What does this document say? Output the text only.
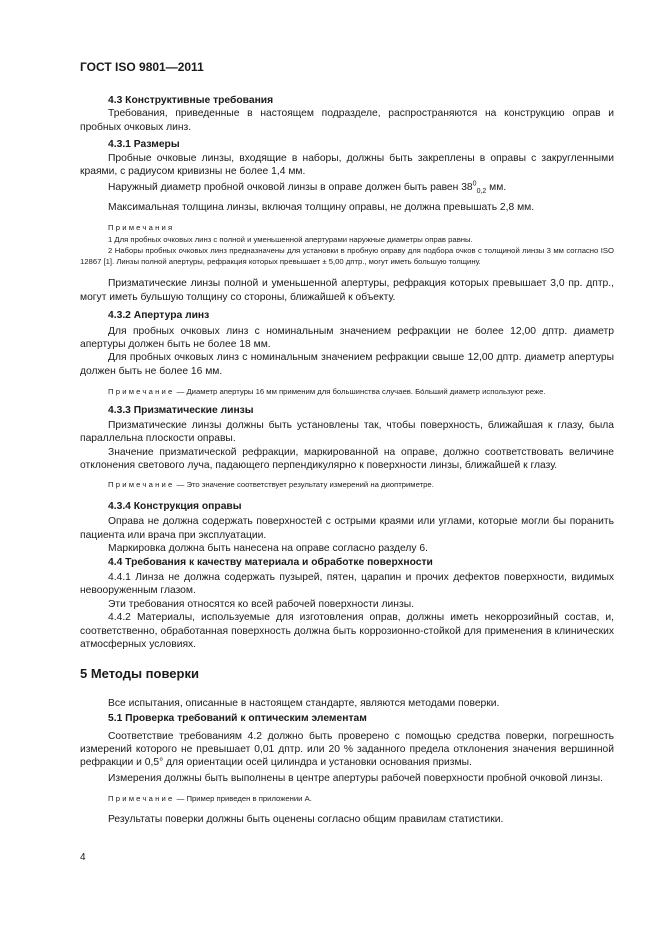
ГОСТ ISO 9801—2011

4.3 Конструктивные требования

Требования, приведенные в настоящем подразделе, распространяются на конструкцию оправ и пробных очковых линз.

4.3.1 Размеры

Пробные очковые линзы, входящие в наборы, должны быть закреплены в оправы с закругленными краями, с радиусом кривизны не более 1,4 мм.

Наружный диаметр пробной очковой линзы в оправе должен быть равен $38^0_{0,2}$ мм.

Максимальная толщина линзы, включая толщину оправы, не должна превышать 2,8 мм.

Примечания

1 Для пробных очковых линз с полной и уменьшенной апертурами наружные диаметры оправ равны.

2 Наборы пробных очковых линз предназначены для установки в пробную оправу для подбора очков с толщиной линзы 3 мм согласно ISO 12867 [1]. Линзы полной апертуры, рефракция которых превышает ± 5,00 дптр., могут иметь большую толщину.

Призматические линзы полной и уменьшенной апертуры, рефракция которых превышает 3,0 пр. дптр., могут иметь бульшую толщину со стороны, ближайшей к объекту.

4.3.2 Апертура линз

Для пробных очковых линз с номинальным значением рефракции не более 12,00 дптр. диаметр апертуры должен быть не более 18 мм.

Для пробных очковых линз с номинальным значением рефракции свыше 12,00 дптр. диаметр апертуры должен быть не более 16 мм.

Примечание — Диаметр апертуры 16 мм применим для большинства случаев. Бо́льший диаметр используют реже.

4.3.3 Призматические линзы

Призматические линзы должны быть установлены так, чтобы поверхность, ближайшая к глазу, была параллельна плоскости оправы.

Значение призматической рефракции, маркированной на оправе, должно соответствовать величине отклонения светового луча, падающего перпендикулярно к поверхности линзы, ближайшей к глазу.

Примечание — Это значение соответствует результату измерений на диоптриметре.

4.3.4 Конструкция оправы

Оправа не должна содержать поверхностей с острыми краями или углами, которые могли бы поранить пациента или врача при эксплуатации.

Маркировка должна быть нанесена на оправе согласно разделу 6.

4.4 Требования к качеству материала и обработке поверхности

4.4.1 Линза не должна содержать пузырей, пятен, царапин и прочих дефектов поверхности, видимых невооруженным глазом.

Эти требования относятся ко всей рабочей поверхности линзы.

4.4.2 Материалы, используемые для изготовления оправ, должны иметь некоррозийный состав, и, соответственно, обработанная поверхность должна быть коррозионно-стойкой для применения в клинических атмосферных условиях.

5 Методы поверки

Все испытания, описанные в настоящем стандарте, являются методами поверки.

5.1 Проверка требований к оптическим элементам

Соответствие требованиям 4.2 должно быть проверено с помощью средства поверки, погрешность измерений которого не превышает 0,01 дптр. или 20 % заданного предела отклонения значения вершинной рефракции и 0,5° для ориентации осей цилиндра и установки основания призмы.

Измерения должны быть выполнены в центре апертуры рабочей поверхности пробной очковой линзы.

Примечание — Пример приведен в приложении А.

Результаты поверки должны быть оценены согласно общим правилам статистики.

4
